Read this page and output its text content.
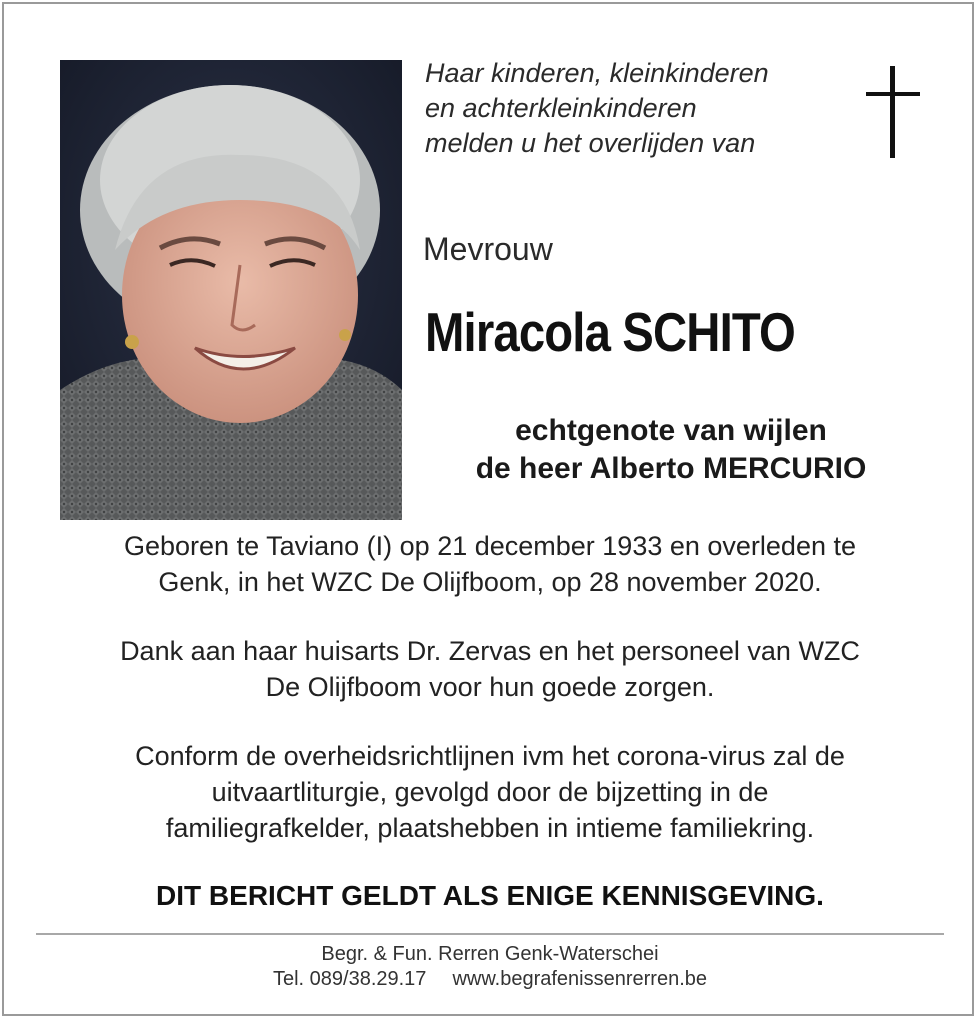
Haar kinderen, kleinkinderen
en achterkleinkinderen
melden u het overlijden van
Mevrouw
Miracola SCHITO
echtgenote van wijlen
de heer Alberto MERCURIO
Geboren te Taviano (I) op 21 december 1933 en overleden te
Genk, in het WZC De Olijfboom, op 28 november 2020.
Dank aan haar huisarts Dr. Zervas en het personeel van WZC
De Olijfboom voor hun goede zorgen.
Conform de overheidsrichtlijnen ivm het corona-virus zal de
uitvaartliturgie, gevolgd door de bijzetting in de
familiegrafkelder, plaatshebben in intieme familiekring.
DIT BERICHT GELDT ALS ENIGE KENNISGEVING.
Begr. & Fun. Rerren Genk-Waterschei
Tel. 089/38.29.17 www.begrafenissenrerren.be
